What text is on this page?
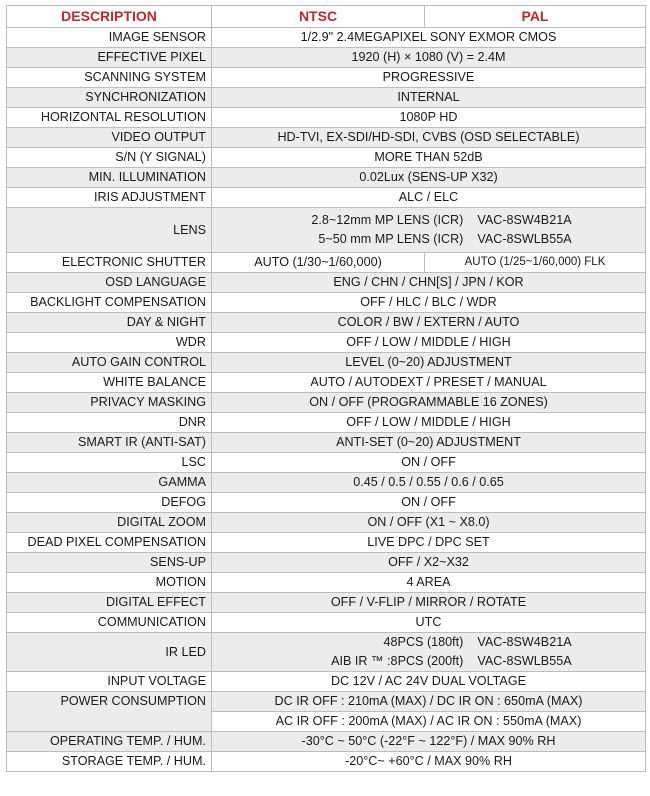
DESCRIPTION	NTSC	PAL
IMAGE SENSOR	1/2.9" 2.4MEGAPIXEL SONY EXMOR CMOS	
EFFECTIVE PIXEL	1920 (H) × 1080 (V) = 2.4M	
SCANNING SYSTEM	PROGRESSIVE	
SYNCHRONIZATION	INTERNAL	
HORIZONTAL RESOLUTION	1080P HD	
VIDEO OUTPUT	HD-TVI, EX-SDI/HD-SDI, CVBS (OSD SELECTABLE)	
S/N (Y SIGNAL)	MORE THAN 52dB	
MIN. ILLUMINATION	0.02Lux (SENS-UP X32)	
IRIS ADJUSTMENT	ALC / ELC	
LENS	2.8~12mm MP LENS (ICR) VAC-8SW4B21A
5~50 mm MP LENS (ICR) VAC-8SWLB55A	

ELECTRONIC SHUTTER	AUTO (1/30~1/60,000)	AUTO (1/25~1/60,000) FLK
OSD LANGUAGE	ENG / CHN / CHN[S] / JPN / KOR	
BACKLIGHT COMPENSATION	OFF / HLC / BLC / WDR	
DAY & NIGHT	COLOR / BW / EXTERN / AUTO	
WDR	OFF / LOW / MIDDLE / HIGH	
AUTO GAIN CONTROL	LEVEL (0~20) ADJUSTMENT	
WHITE BALANCE	AUTO / AUTODEXT / PRESET / MANUAL	
PRIVACY MASKING	ON / OFF (PROGRAMMABLE 16 ZONES)	
DNR	OFF / LOW / MIDDLE / HIGH	
SMART IR (ANTI-SAT)	ANTI-SET (0~20) ADJUSTMENT	
LSC	ON / OFF	
GAMMA	0.45 / 0.5 / 0.55 / 0.6 / 0.65	
DEFOG	ON / OFF	
DIGITAL ZOOM	ON / OFF (X1 ~ X8.0)	
DEAD PIXEL COMPENSATION	LIVE DPC / DPC SET	
SENS-UP	OFF / X2~X32	
MOTION	4 AREA	
DIGITAL EFFECT	OFF / V-FLIP / MIRROR / ROTATE	
COMMUNICATION	UTC	
IR LED	48PCS (180ft) VAC-8SW4B21A
AIB IR ™ :8PCS (200ft) VAC-8SWLB55A	

INPUT VOLTAGE	DC 12V / AC 24V DUAL VOLTAGE	
POWER CONSUMPTION	DC IR OFF : 210mA (MAX) / DC IR ON : 650mA (MAX)	
	AC IR OFF : 200mA (MAX) / AC IR ON : 550mA (MAX)	
OPERATING TEMP. / HUM.	-30°C ~ 50°C (-22°F ~ 122°F) / MAX 90% RH	
STORAGE TEMP. / HUM.	-20°C~ +60°C / MAX 90% RH	
